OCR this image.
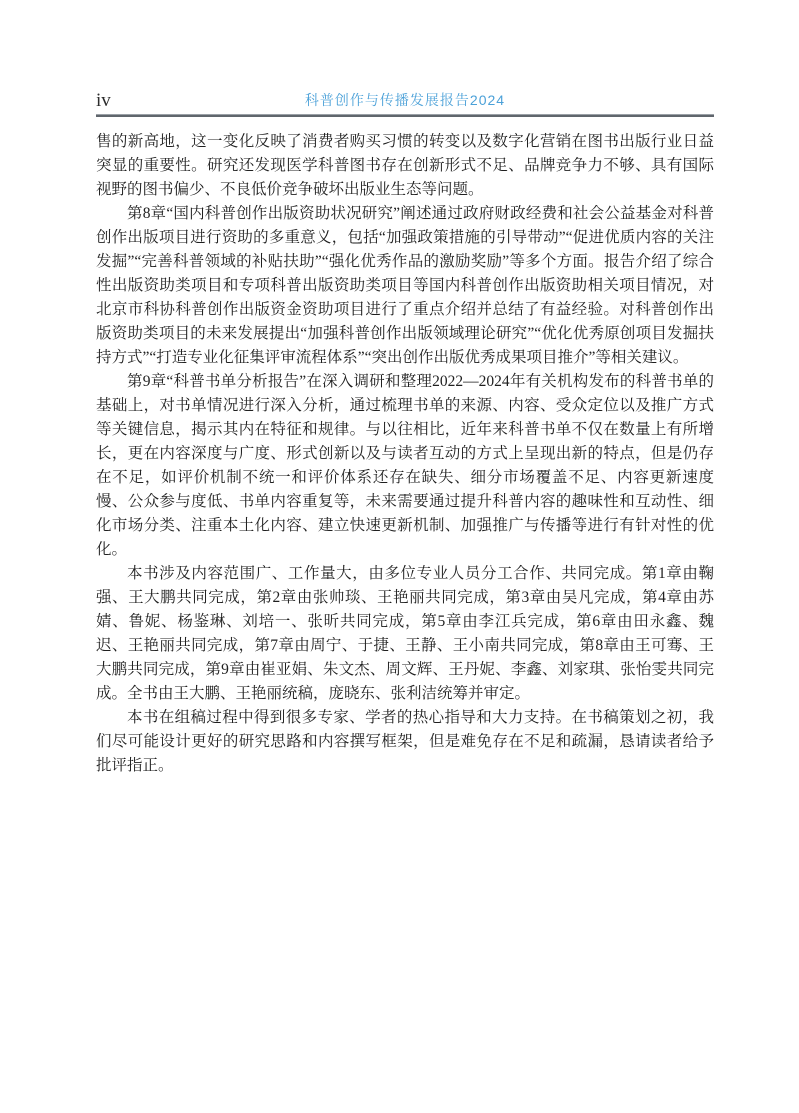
iv	科普创作与传播发展报告2024

售的新高地，这一变化反映了消费者购买习惯的转变以及数字化营销在图书出版行业日益突显的重要性。研究还发现医学科普图书存在创新形式不足、品牌竞争力不够、具有国际视野的图书偏少、不良低价竞争破坏出版业生态等问题。

第8章“国内科普创作出版资助状况研究”阐述通过政府财政经费和社会公益基金对科普创作出版项目进行资助的多重意义，包括“加强政策措施的引导带动”“促进优质内容的关注发掘”“完善科普领域的补贴扶助”“强化优秀作品的激励奖励”等多个方面。报告介绍了综合性出版资助类项目和专项科普出版资助类项目等国内科普创作出版资助相关项目情况，对北京市科协科普创作出版资金资助项目进行了重点介绍并总结了有益经验。对科普创作出版资助类项目的未来发展提出“加强科普创作出版领域理论研究”“优化优秀原创项目发掘扶持方式”“打造专业化征集评审流程体系”“突出创作出版优秀成果项目推介”等相关建议。

第9章“科普书单分析报告”在深入调研和整理2022—2024年有关机构发布的科普书单的基础上，对书单情况进行深入分析，通过梳理书单的来源、内容、受众定位以及推广方式等关键信息，揭示其内在特征和规律。与以往相比，近年来科普书单不仅在数量上有所增长，更在内容深度与广度、形式创新以及与读者互动的方式上呈现出新的特点，但是仍存在不足，如评价机制不统一和评价体系还存在缺失、细分市场覆盖不足、内容更新速度慢、公众参与度低、书单内容重复等，未来需要通过提升科普内容的趣味性和互动性、细化市场分类、注重本土化内容、建立快速更新机制、加强推广与传播等进行有针对性的优化。

本书涉及内容范围广、工作量大，由多位专业人员分工合作、共同完成。第1章由鞠强、王大鹏共同完成，第2章由张帅琰、王艳丽共同完成，第3章由吴凡完成，第4章由苏婧、鲁妮、杨鉴琳、刘培一、张昕共同完成，第5章由李江兵完成，第6章由田永鑫、魏迟、王艳丽共同完成，第7章由周宁、于捷、王静、王小南共同完成，第8章由王可骞、王大鹏共同完成，第9章由崔亚娟、朱文杰、周文辉、王丹妮、李鑫、刘家琪、张怡雯共同完成。全书由王大鹏、王艳丽统稿，庞晓东、张利洁统筹并审定。

本书在组稿过程中得到很多专家、学者的热心指导和大力支持。在书稿策划之初，我们尽可能设计更好的研究思路和内容撰写框架，但是难免存在不足和疏漏，恳请读者给予批评指正。
